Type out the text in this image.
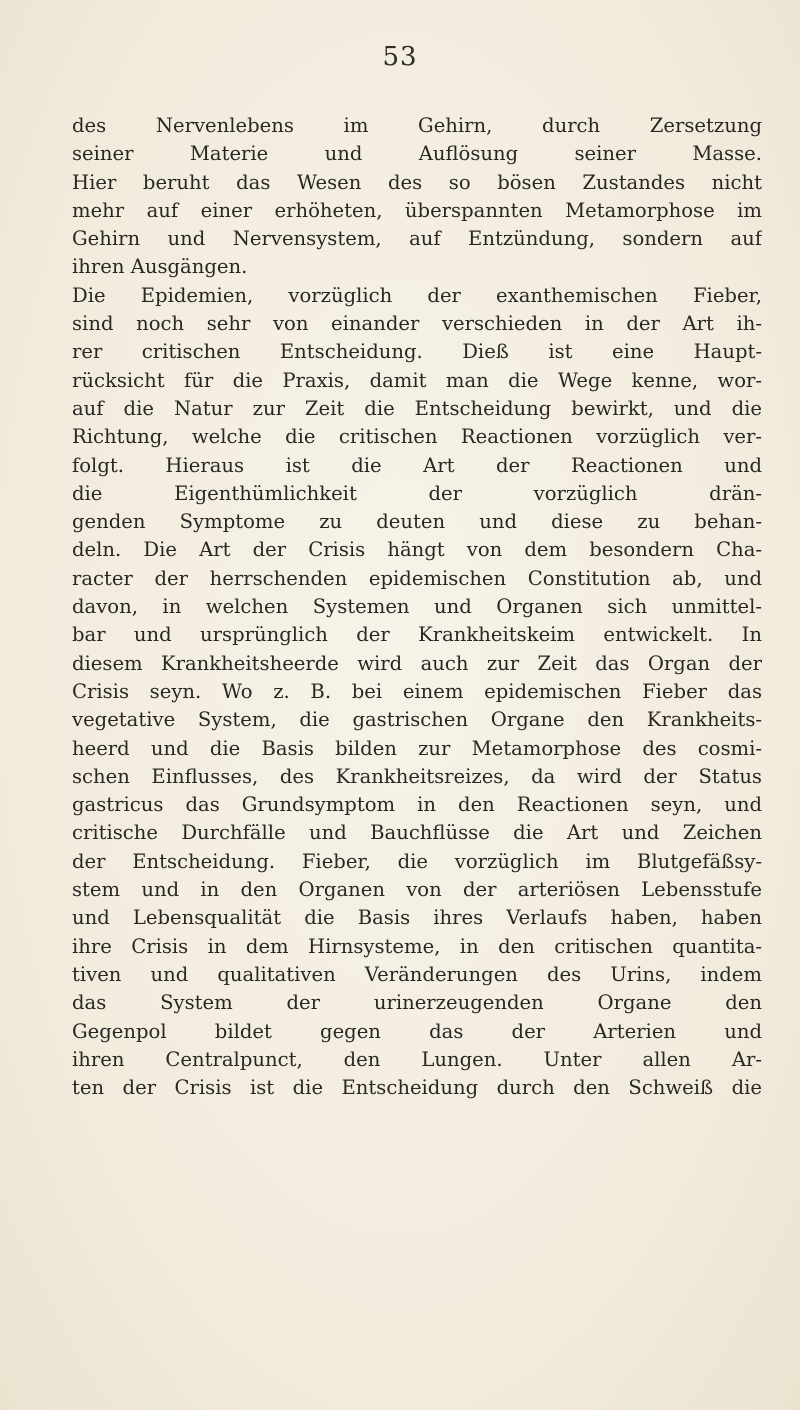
53
des Nervenlebens im Gehirn, durch Zersetzung
seiner Materie und Auflösung seiner Masse.
Hier beruht das Wesen des so bösen Zustandes nicht
mehr auf einer erhöheten, überspannten Metamorphose im
Gehirn und Nervensystem, auf Entzündung, sondern auf
ihren Ausgängen.
Die Epidemien, vorzüglich der exanthemischen Fieber,
sind noch sehr von einander verschieden in der Art ih-
rer critischen Entscheidung. Dieß ist eine Haupt-
rücksicht für die Praxis, damit man die Wege kenne, wor-
auf die Natur zur Zeit die Entscheidung bewirkt, und die
Richtung, welche die critischen Reactionen vorzüglich ver-
folgt. Hieraus ist die Art der Reactionen und
die Eigenthümlichkeit der vorzüglich drän-
genden Symptome zu deuten und diese zu behan-
deln. Die Art der Crisis hängt von dem besondern Cha-
racter der herrschenden epidemischen Constitution ab, und
davon, in welchen Systemen und Organen sich unmittel-
bar und ursprünglich der Krankheitskeim entwickelt. In
diesem Krankheitsheerde wird auch zur Zeit das Organ der
Crisis seyn. Wo z. B. bei einem epidemischen Fieber das
vegetative System, die gastrischen Organe den Krankheits-
heerd und die Basis bilden zur Metamorphose des cosmi-
schen Einflusses, des Krankheitsreizes, da wird der Status
gastricus das Grundsymptom in den Reactionen seyn, und
critische Durchfälle und Bauchflüsse die Art und Zeichen
der Entscheidung. Fieber, die vorzüglich im Blutgefäßsy-
stem und in den Organen von der arteriösen Lebensstufe
und Lebensqualität die Basis ihres Verlaufs haben, haben
ihre Crisis in dem Hirnsysteme, in den critischen quantita-
tiven und qualitativen Veränderungen des Urins, indem
das System der urinerzeugenden Organe den
Gegenpol bildet gegen das der Arterien und
ihren Centralpunct, den Lungen. Unter allen Ar-
ten der Crisis ist die Entscheidung durch den Schweiß die
